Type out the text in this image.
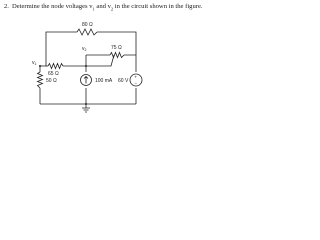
2. Determine the node voltages $v_1$ and $v_2$ in the circuit shown in the figure.
+
−
80 Ω
75 Ω
65 Ω
50 Ω	100 mA 60 V
$v_1$
$v_2$
